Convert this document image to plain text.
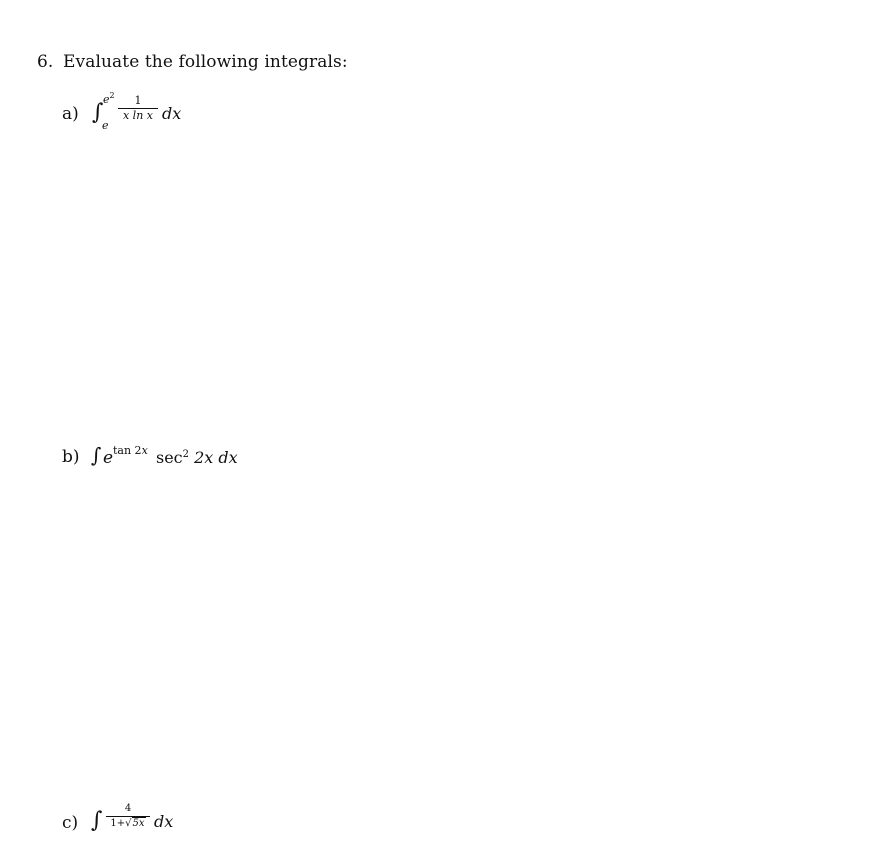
6. Evaluate the following integrals:
a) ∫
$e^2$
e
1
x ln x dx
b) ∫ e tan 2x $\sec^2 2x$ dx
c) ∫	4
1+√5x dx
